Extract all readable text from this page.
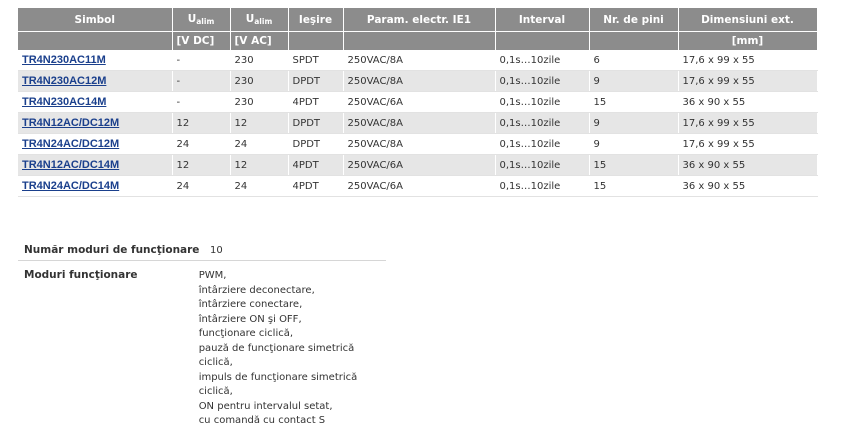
Simbol	$U_{alim}$	$U_{alim}$	Ieşire	Param. electr. IE1	Interval	Nr. de pini	Dimensiuni ext.
	[V DC]	[V AC]					[mm]
TR4N230AC11M	-	230	SPDT	250VAC/8A	0,1s…10zile	6	17,6 x 99 x 55
TR4N230AC12M	-	230	DPDT	250VAC/8A	0,1s…10zile	9	17,6 x 99 x 55
TR4N230AC14M	-	230	4PDT	250VAC/6A	0,1s…10zile	15	36 x 90 x 55
TR4N12AC/DC12M	12	12	DPDT	250VAC/8A	0,1s…10zile	9	17,6 x 99 x 55
TR4N24AC/DC12M	24	24	DPDT	250VAC/8A	0,1s…10zile	9	17,6 x 99 x 55
TR4N12AC/DC14M	12	12	4PDT	250VAC/6A	0,1s…10zile	15	36 x 90 x 55
TR4N24AC/DC14M	24	24	4PDT	250VAC/6A	0,1s…10zile	15	36 x 90 x 55
Număr moduri de funcţionare	10
Moduri funcţionare	PWM,
întârziere deconectare,
întârziere conectare,
întârziere ON şi OFF,
funcţionare ciclică,
pauză de funcţionare simetrică ciclică,
impuls de funcţionare simetrică ciclică,
ON pentru intervalul setat,
cu comandă cu contact S
